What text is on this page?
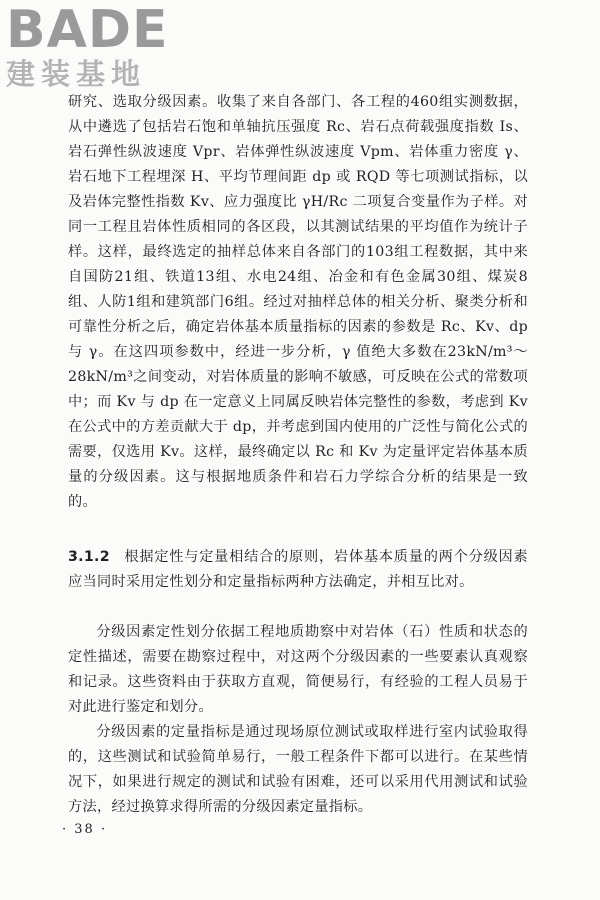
BADE
建装基地

研究、选取分级因素。收集了来自各部门、各工程的460组实测数据，从中遴选了包括岩石饱和单轴抗压强度 Rc、岩石点荷载强度指数 Is、岩石弹性纵波速度 Vpr、岩体弹性纵波速度 Vpm、岩体重力密度 γ、岩石地下工程埋深 H、平均节理间距 dp 或 RQD 等七项测试指标，以及岩体完整性指数 Kv、应力强度比 γH/Rc 二项复合变量作为子样。对同一工程且岩体性质相同的各区段，以其测试结果的平均值作为统计子样。这样，最终选定的抽样总体来自各部门的103组工程数据，其中来自国防21组、铁道13组、水电24组、冶金和有色金属30组、煤炭8组、人防1组和建筑部门6组。经过对抽样总体的相关分析、聚类分析和可靠性分析之后，确定岩体基本质量指标的因素的参数是 Rc、Kv、dp 与 γ。在这四项参数中，经进一步分析，γ 值绝大多数在23kN/m³～28kN/m³之间变动，对岩体质量的影响不敏感，可反映在公式的常数项中；而 Kv 与 dp 在一定意义上同属反映岩体完整性的参数，考虑到 Kv 在公式中的方差贡献大于 dp，并考虑到国内使用的广泛性与简化公式的需要，仅选用 Kv。这样，最终确定以 Rc 和 Kv 为定量评定岩体基本质量的分级因素。这与根据地质条件和岩石力学综合分析的结果是一致的。

3.1.2 根据定性与定量相结合的原则，岩体基本质量的两个分级因素应当同时采用定性划分和定量指标两种方法确定，并相互比对。

分级因素定性划分依据工程地质勘察中对岩体（石）性质和状态的定性描述，需要在勘察过程中，对这两个分级因素的一些要素认真观察和记录。这些资料由于获取方直观，简便易行，有经验的工程人员易于对此进行鉴定和划分。

分级因素的定量指标是通过现场原位测试或取样进行室内试验取得的，这些测试和试验简单易行，一般工程条件下都可以进行。在某些情况下，如果进行规定的测试和试验有困难，还可以采用代用测试和试验方法，经过换算求得所需的分级因素定量指标。

· 38 ·
